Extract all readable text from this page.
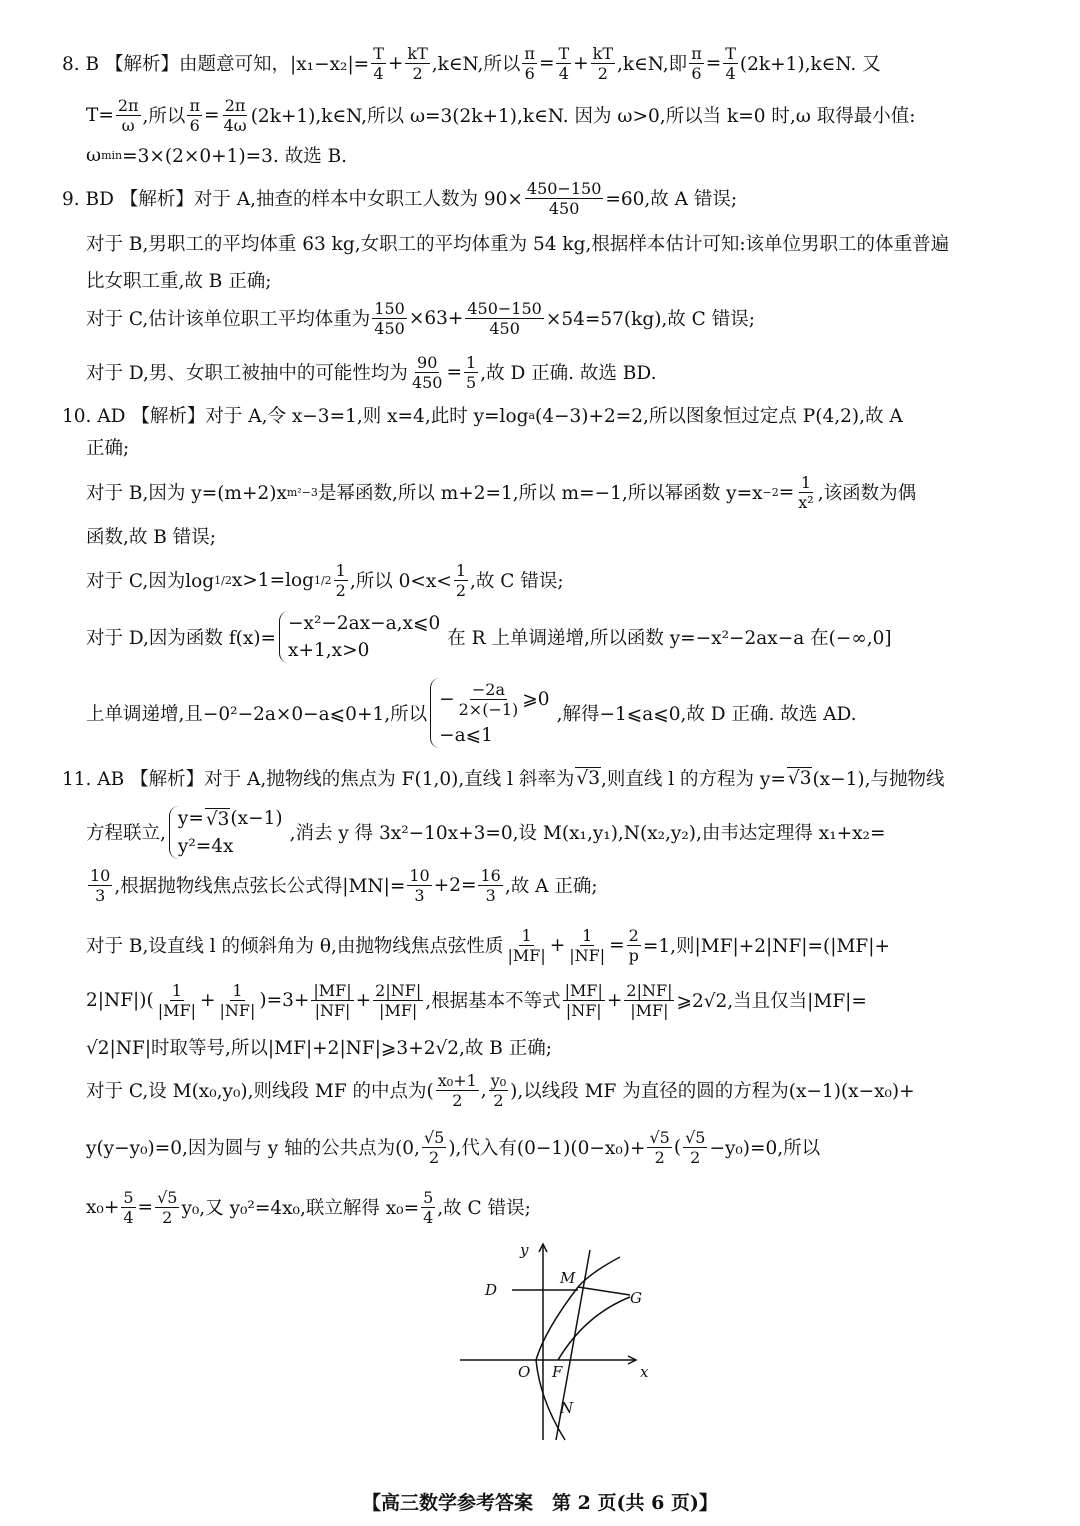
8. B 【解析】由题意可知，$|x_1-x_2|= \frac{T}{4} + \frac{kT}{2}$ ,k∈N,所以 $\frac{\pi}{6} = \frac{T}{4} + \frac{kT}{2}$ ,k∈N,即 $\frac{\pi}{6} = \frac{T}{4}$ (2k+1),k∈N. 又
$T= \frac{2\pi}{\omega}$ ,所以 $\frac{\pi}{6} = \frac{2\pi}{4\omega}$ (2k+1),k∈N,所以 ω=3(2k+1),k∈N. 因为 ω>0,所以当 k=0 时,ω 取得最小值:
ω min =3×(2×0+1)=3. 故选 B.
9. BD 【解析】对于 A,抽查的样本中女职工人数为 $90\times \frac{450-150}{450} =60$,故 A 错误;
对于 B,男职工的平均体重 63 kg,女职工的平均体重为 54 kg,根据样本估计可知:该单位男职工的体重普遍
比女职工重,故 B 正确;
对于 C,估计该单位职工平均体重为 $\frac{150}{450} \times 63+ \frac{450-150}{450} \times 54=57(kg)$,故 C 错误;
对于 D,男、女职工被抽中的可能性均为 $\frac{90}{450} = \frac{1}{5}$ ,故 D 正确. 故选 BD.
10. AD 【解析】对于 A,令 x−3=1,则 x=4,此时 y=log a (4−3)+2=2,所以图象恒过定点 P(4,2),故 A
正确;
对于 B,因为 y=(m+2)x m²−3 是幂函数,所以 m+2=1,所以 m=−1,所以幂函数 $y=x -2 = \frac{1}{\text{x²}}$ ,该函数为偶
函数,故 B 错误;
对于 C,因为log 1/2 x>1=log $1/2 \frac{1}{2}$ ,所以 $0<x< \frac{1}{2}$ ,故 C 错误;
对于 D,因为函数 f(x)=
−x²−2ax−a,x⩽0
x+1,x>0
在 R 上单调递增,所以函数 y=−x²−2ax−a 在(−∞,0]
上单调递增,且−0²−2a×0−a⩽0+1,所以
− $\frac{-2a}{2\times(-1)}$ ⩾0
−a⩽1
,解得−1⩽a⩽0,故 D 正确. 故选 AD.
11. AB 【解析】对于 A,抛物线的焦点为 F(1,0),直线 l 斜率为 √ 3 ,则直线 l 的方程为 y= √ 3 (x−1),与抛物线
方程联立,
y= √ 3 (x−1)
y²=4x
,消去 y 得 3x²−10x+3=0,设 M(x₁,y₁),N(x₂,y₂),由韦达定理得 x₁+x₂=
$\frac{10}{3}$ ,根据抛物线焦点弦长公式得$|MN|= \frac{10}{3} +2= \frac{16}{3}$ ,故 A 正确;
对于 B,设直线 l 的倾斜角为 θ,由抛物线焦点弦性质 $\frac{1}{|MF|} + \frac{1}{|NF|} = \frac{2}{p} =1$,则|MF|+2|NF|=(|MF|+
$2|NF|)( \frac{1}{|MF|} + \frac{1}{|NF|} )=3+ \frac{|MF|}{|NF|} + \frac{2|NF|}{|MF|}$ ,根据基本不等式 $\frac{|MF|}{|NF|} + \frac{2|NF|}{|MF|}$ ⩾2√2,当且仅当|MF|=
√2|NF|时取等号,所以|MF|+2|NF|⩾3+2√2,故 B 正确;
对于 C,设 M(x₀,y₀),则线段 MF 的中点为( $\frac{\text{x₀+1}}{2}$ , $\frac{\text{y₀}}{2}$ ),以线段 MF 为直径的圆的方程为(x−1)(x−x₀)+
y(y−y₀)=0,因为圆与 y 轴的公共点为(0, $\frac{√5}{2}$ ),代入有$(0-1)(0-x_0)+ \frac{√5}{2}$ ( $\frac{√5}{2} -y_0)=0$,所以
$x_0+ \frac{5}{4} = \frac{√5}{2} y_0$,又 y₀²=4x₀,联立解得 $x_0= \frac{5}{4}$ ,故 C 错误;
y
x
O F
D
M
G
N
【高三数学参考答案　第 2 页(共 6 页)】
